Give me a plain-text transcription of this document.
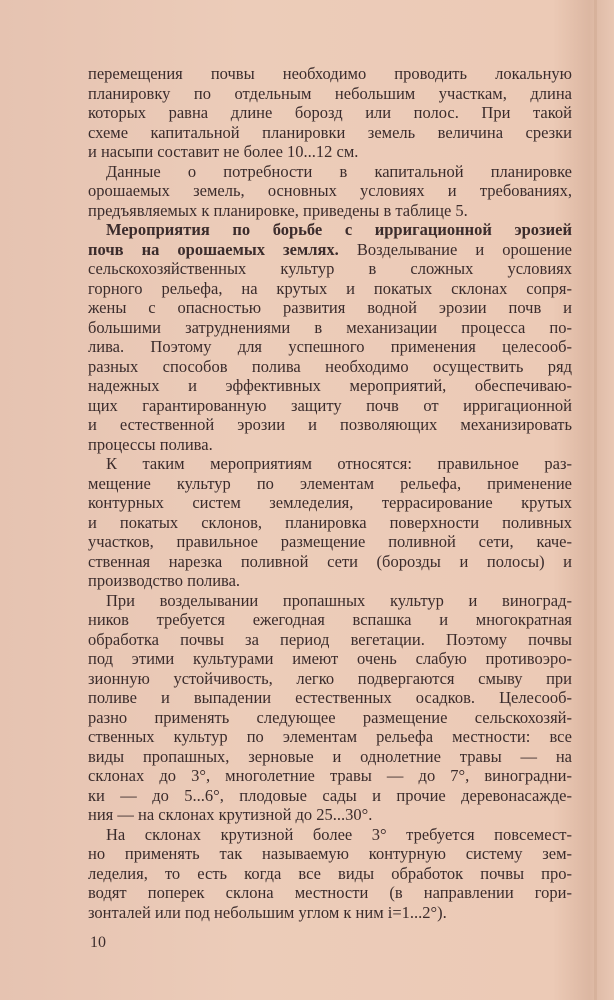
перемещения почвы необходимо проводить локальную
планировку по отдельным небольшим участкам, длина
которых равна длине борозд или полос. При такой
схеме капитальной планировки земель величина срезки
и насыпи составит не более 10...12 см.
Данные о потребности в капитальной планировке
орошаемых земель, основных условиях и требованиях,
предъявляемых к планировке, приведены в таблице 5.
Мероприятия по борьбе с ирригационной эрозией
почв на орошаемых землях. Возделывание и орошение
сельскохозяйственных культур в сложных условиях
горного рельефа, на крутых и покатых склонах сопря-
жены с опасностью развития водной эрозии почв и
большими затруднениями в механизации процесса по-
лива. Поэтому для успешного применения целесооб-
разных способов полива необходимо осуществить ряд
надежных и эффективных мероприятий, обеспечиваю-
щих гарантированную защиту почв от ирригационной
и естественной эрозии и позволяющих механизировать
процессы полива.
К таким мероприятиям относятся: правильное раз-
мещение культур по элементам рельефа, применение
контурных систем земледелия, террасирование крутых
и покатых склонов, планировка поверхности поливных
участков, правильное размещение поливной сети, каче-
ственная нарезка поливной сети (борозды и полосы) и
производство полива.
При возделывании пропашных культур и виноград-
ников требуется ежегодная вспашка и многократная
обработка почвы за период вегетации. Поэтому почвы
под этими культурами имеют очень слабую противоэро-
зионную устойчивость, легко подвергаются смыву при
поливе и выпадении естественных осадков. Целесооб-
разно применять следующее размещение сельскохозяй-
ственных культур по элементам рельефа местности: все
виды пропашных, зерновые и однолетние травы — на
склонах до 3°, многолетние травы — до 7°, виноградни-
ки — до 5...6°, плодовые сады и прочие деревонасажде-
ния — на склонах крутизной до 25...30°.
На склонах крутизной более 3° требуется повсемест-
но применять так называемую контурную систему зем-
леделия, то есть когда все виды обработок почвы про-
водят поперек склона местности (в направлении гори-
зонталей или под небольшим углом к ним i=1...2°).
10
